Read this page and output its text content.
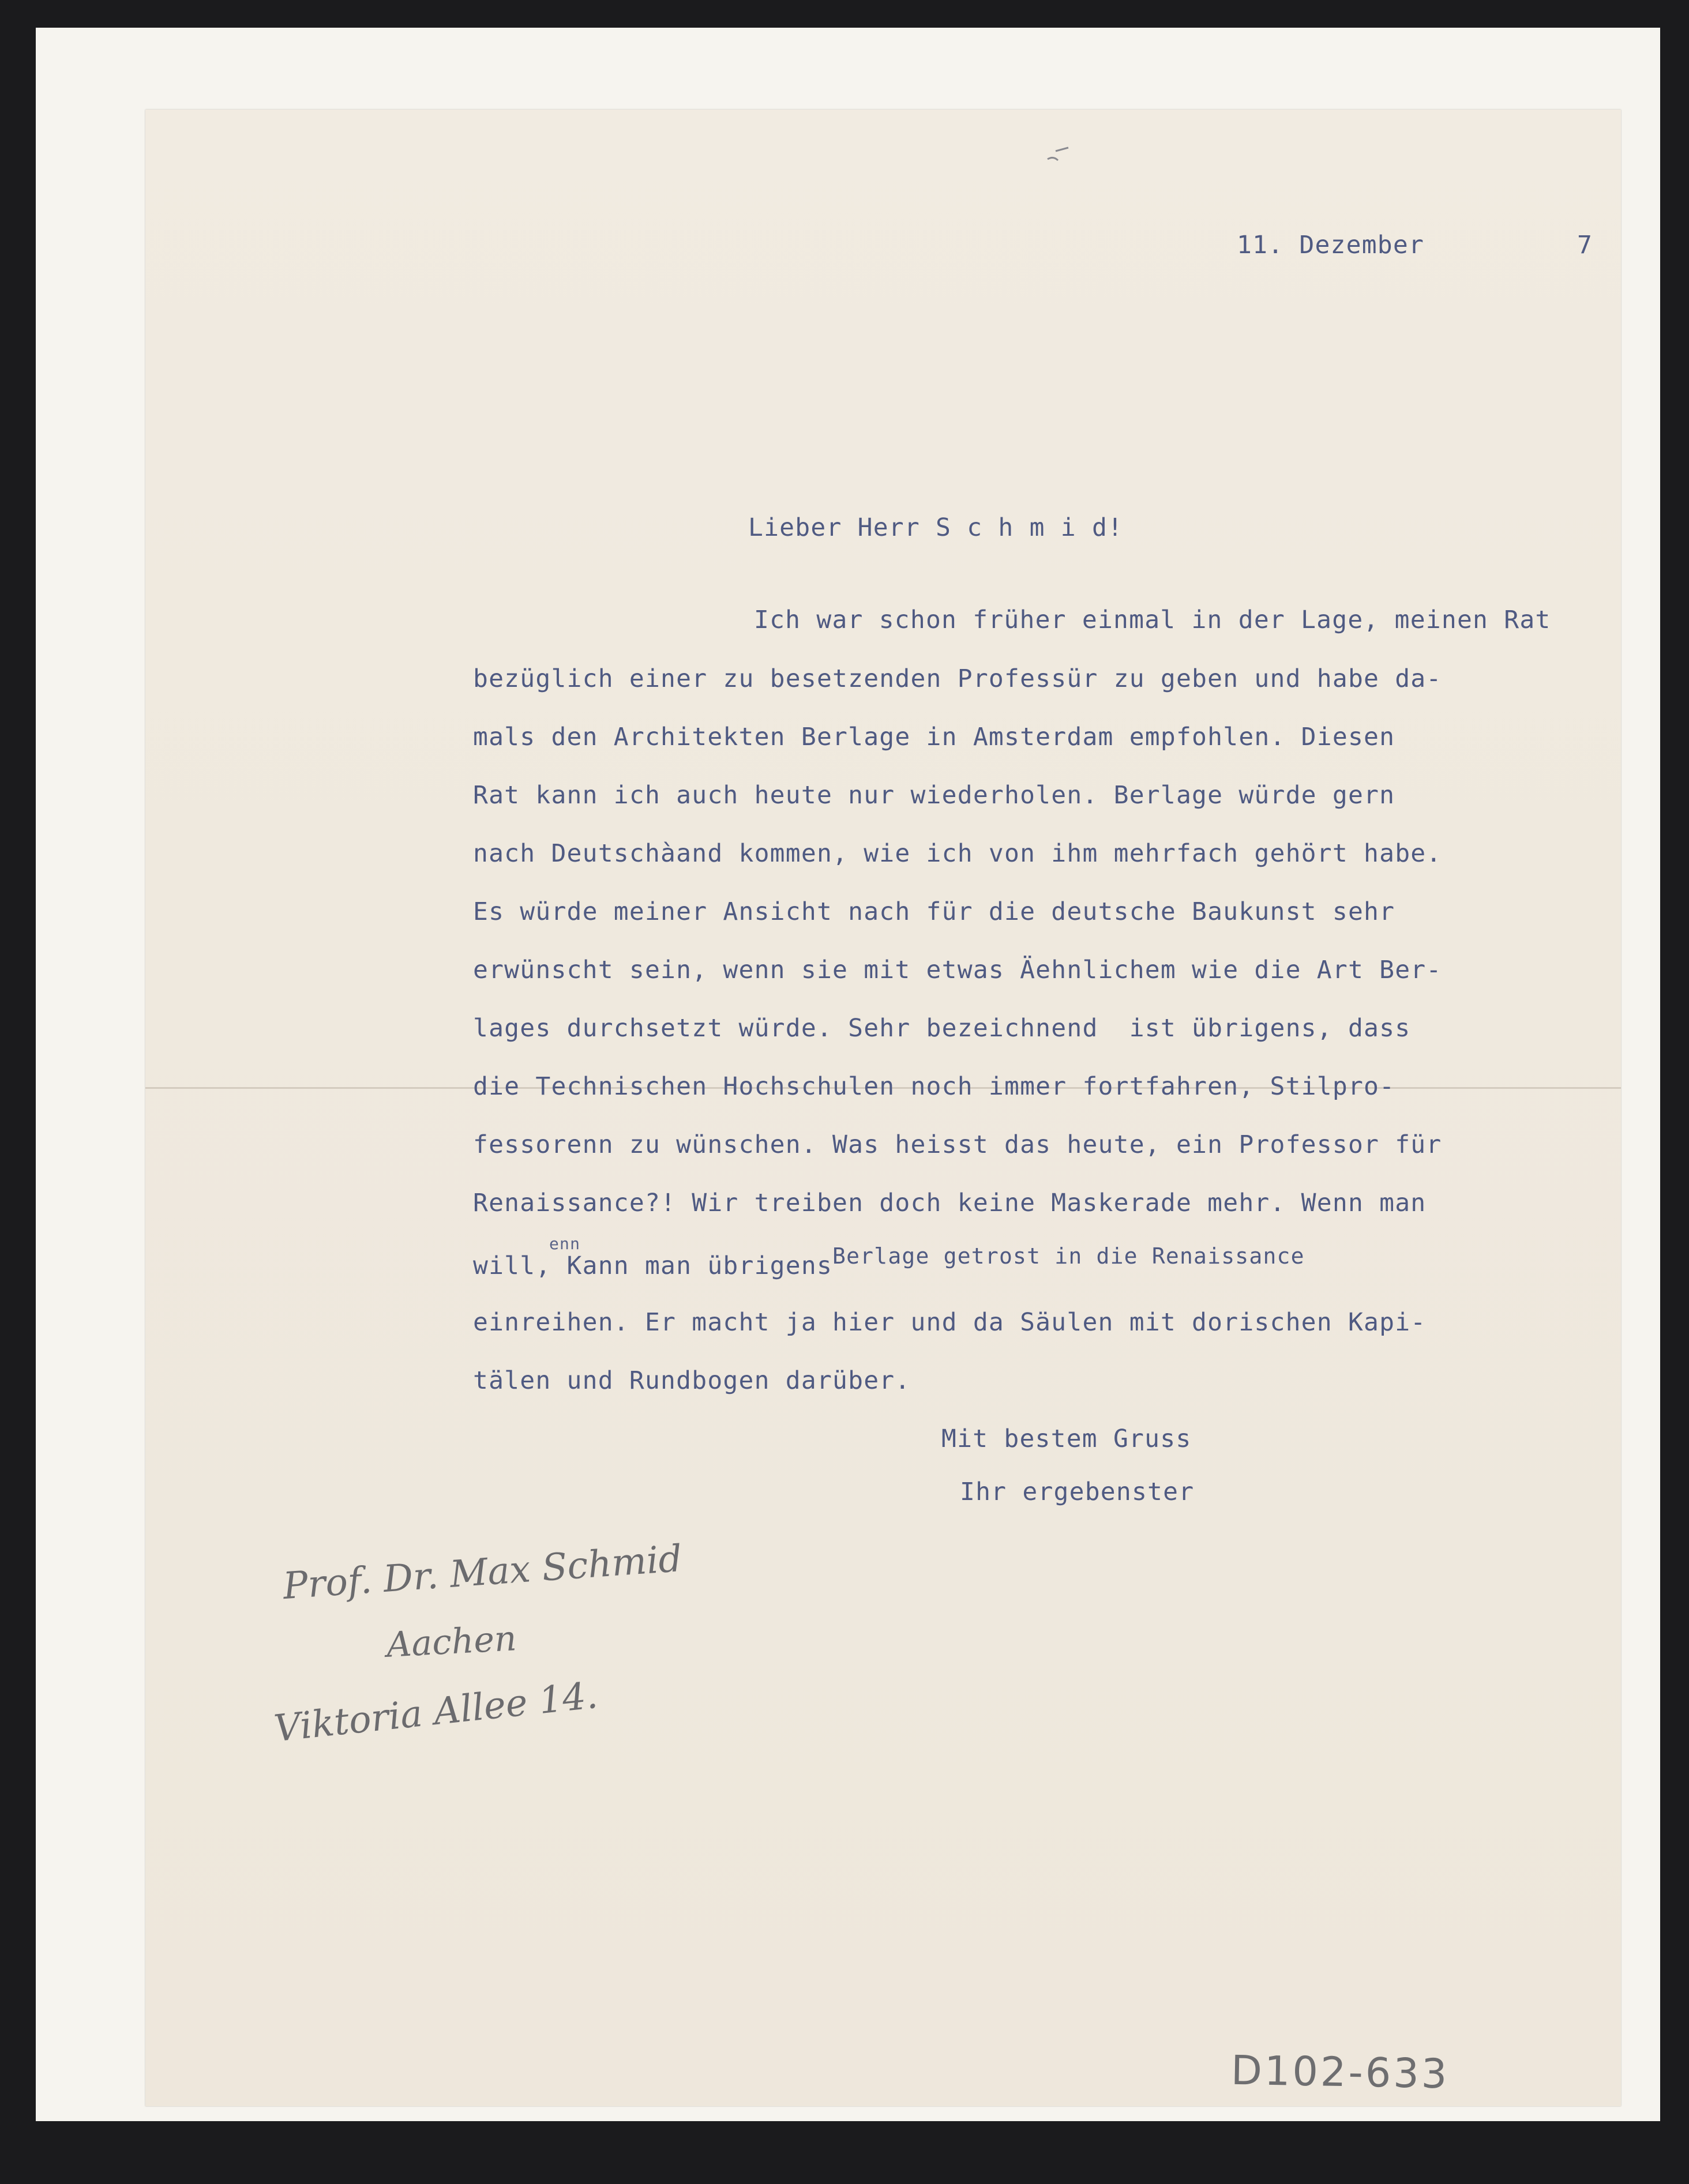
11. Dezember	7
Lieber Herr S c h m i d!
Ich war schon früher einmal in der Lage, meinen Rat
bezüglich einer zu besetzenden Professür zu geben und habe da-
mals den Architekten Berlage in Amsterdam empfohlen. Diesen
Rat kann ich auch heute nur wiederholen. Berlage würde gern
nach Deutschàand kommen, wie ich von ihm mehrfach gehört habe.
Es würde meiner Ansicht nach für die deutsche Baukunst sehr
erwünscht sein, wenn sie mit etwas Äehnlichem wie die Art Ber-
lages durchsetzt würde. Sehr bezeichnend  ist übrigens, dass
die Technischen Hochschulen noch immer fortfahren, Stilpro-
fessorenn zu wünschen. Was heisst das heute, ein Professor für
Renaissance?! Wir treiben doch keine Maskerade mehr. Wenn man
will, Kann man übrigensBerlage getrost in die Renaissance
enn
einreihen. Er macht ja hier und da Säulen mit dorischen Kapi-
tälen und Rundbogen darüber.
Mit bestem Gruss
Ihr ergebenster
Prof. Dr. Max Schmid
Aachen
Viktoria Allee 14.
D102-633
